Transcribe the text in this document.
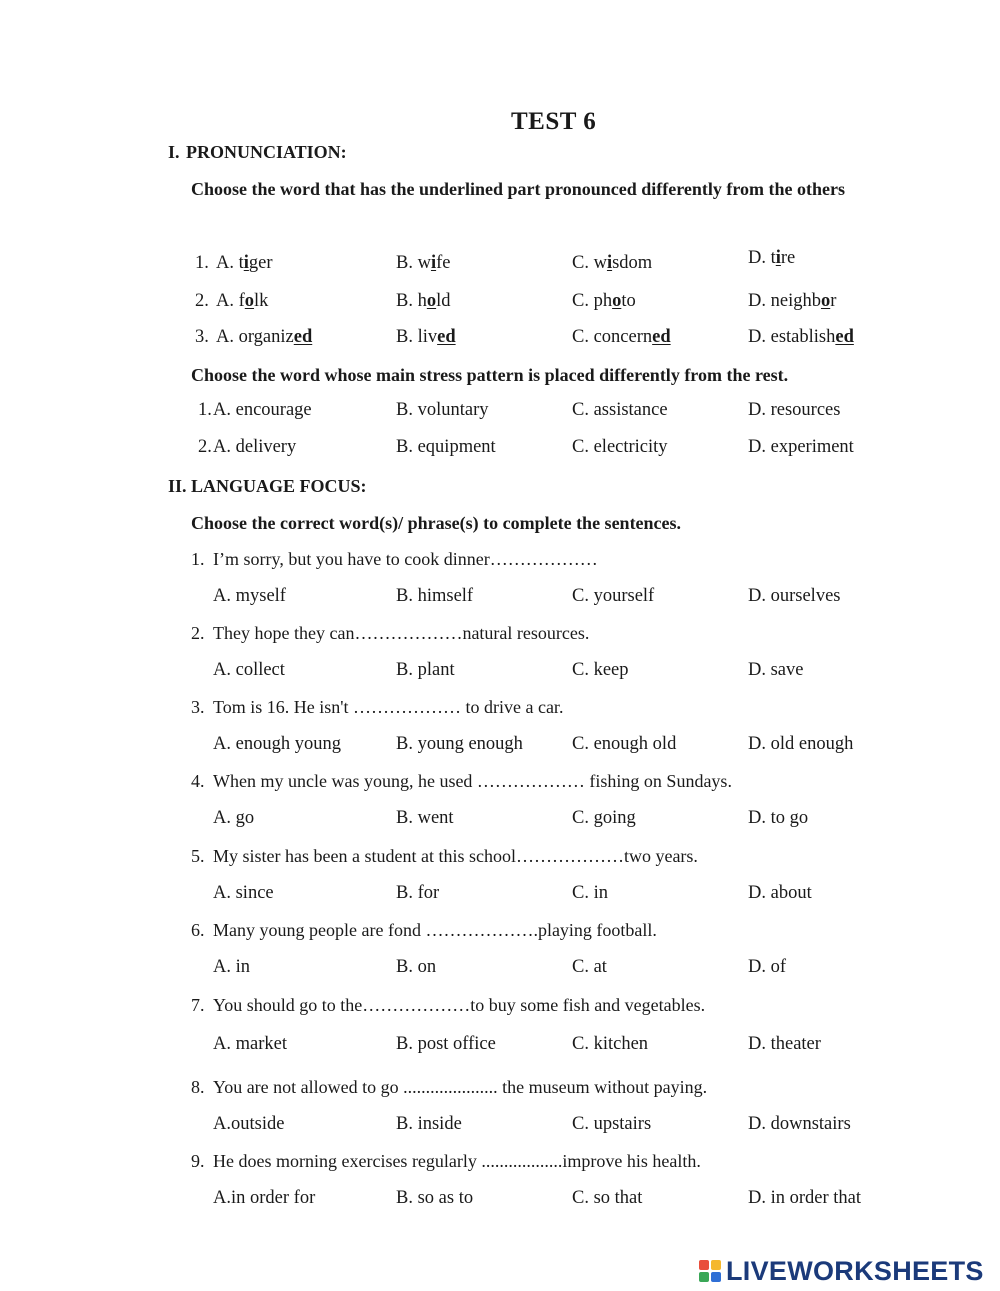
TEST 6
I. PRONUNCIATION:
Choose the word that has the underlined part pronounced differently from the others
Choose the word whose main stress pattern is placed differently from the rest.
II. LANGUAGE FOCUS:
Choose the correct word(s)/ phrase(s) to complete the sentences.
LIVEWORKSHEETS
1. A. tiger	B. wife	C. wisdom	D. tire
2. A. folk	B. hold	C. photo	D. neighbor
3. A. organized	B. lived	C. concerned	D. established
1. A. encourage	B. voluntary	C. assistance	D. resources
2. A. delivery	B. equipment	C. electricity	D. experiment
1. I’m sorry, but you have to cook dinner………………
A. myself	B. himself	C. yourself	D. ourselves
2. They hope they can………………natural resources.
A. collect	B. plant	C. keep	D. save
3. Tom is 16. He isn't ……………… to drive a car.
A. enough young	B. young enough	C. enough old	D. old enough
4. When my uncle was young, he used ……………… fishing on Sundays.
A. go	B. went	C. going	D. to go
5. My sister has been a student at this school………………two years.
A. since	B. for	C. in	D. about
6. Many young people are fond ……………….playing football.
A. in	B. on	C. at	D. of
7. You should go to the………………to buy some fish and vegetables.
A. market	B. post office	C. kitchen	D. theater
8. You are not allowed to go ..................... the museum without paying.
A.outside	B. inside	C. upstairs	D. downstairs
9. He does morning exercises regularly ..................improve his health.
A.in order for	B. so as to	C. so that	D. in order that
